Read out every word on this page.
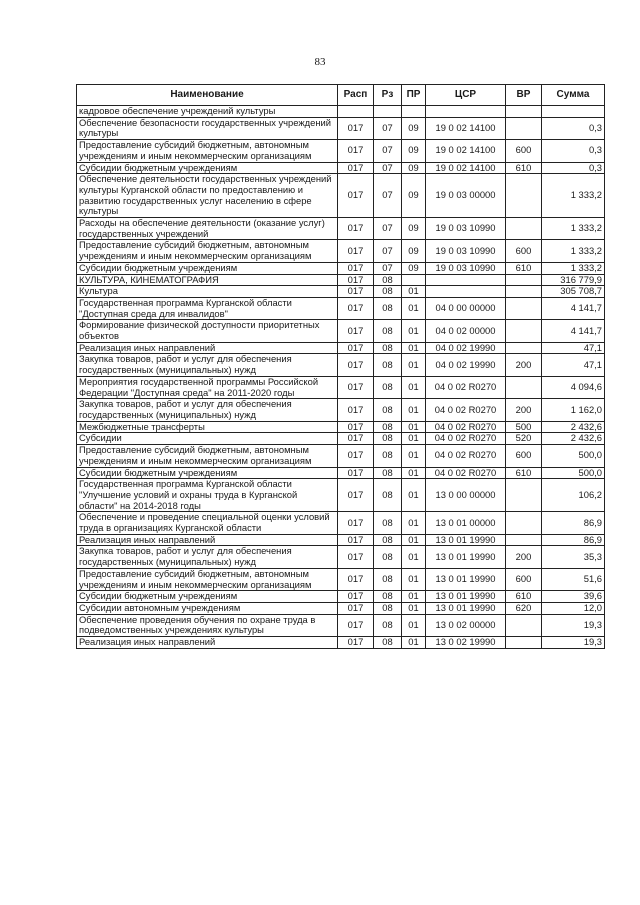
83
Наименование	Расп	Рз	ПР	ЦСР	ВР	Сумма
кадровое обеспечение учреждений культуры						
Обеспечение безопасности государственных учреждений культуры	017	07	09	19 0 02 14100		0,3
Предоставление субсидий бюджетным, автономным учреждениям и иным некоммерческим организациям	017	07	09	19 0 02 14100	600	0,3
Субсидии бюджетным учреждениям	017	07	09	19 0 02 14100	610	0,3
Обеспечение деятельности государственных учреждений культуры Курганской области по предоставлению и развитию государственных услуг населению в сфере культуры	017	07	09	19 0 03 00000		1 333,2
Расходы на обеспечение деятельности (оказание услуг) государственных учреждений	017	07	09	19 0 03 10990		1 333,2
Предоставление субсидий бюджетным, автономным учреждениям и иным некоммерческим организациям	017	07	09	19 0 03 10990	600	1 333,2
Субсидии бюджетным учреждениям	017	07	09	19 0 03 10990	610	1 333,2
КУЛЬТУРА, КИНЕМАТОГРАФИЯ	017	08				316 779,9
Культура	017	08	01			305 708,7
Государственная программа Курганской области "Доступная среда для инвалидов"	017	08	01	04 0 00 00000		4 141,7
Формирование физической доступности приоритетных объектов	017	08	01	04 0 02 00000		4 141,7
Реализация иных направлений	017	08	01	04 0 02 19990		47,1
Закупка товаров, работ и услуг для обеспечения государственных (муниципальных) нужд	017	08	01	04 0 02 19990	200	47,1
Мероприятия государственной программы Российской Федерации "Доступная среда" на 2011-2020 годы	017	08	01	04 0 02 R0270		4 094,6
Закупка товаров, работ и услуг для обеспечения государственных (муниципальных) нужд	017	08	01	04 0 02 R0270	200	1 162,0
Межбюджетные трансферты	017	08	01	04 0 02 R0270	500	2 432,6
Субсидии	017	08	01	04 0 02 R0270	520	2 432,6
Предоставление субсидий бюджетным, автономным учреждениям и иным некоммерческим организациям	017	08	01	04 0 02 R0270	600	500,0
Субсидии бюджетным учреждениям	017	08	01	04 0 02 R0270	610	500,0
Государственная программа Курганской области "Улучшение условий и охраны труда в Курганской области" на 2014-2018 годы	017	08	01	13 0 00 00000		106,2
Обеспечение и проведение специальной оценки условий труда в организациях Курганской области	017	08	01	13 0 01 00000		86,9
Реализация иных направлений	017	08	01	13 0 01 19990		86,9
Закупка товаров, работ и услуг для обеспечения государственных (муниципальных) нужд	017	08	01	13 0 01 19990	200	35,3
Предоставление субсидий бюджетным, автономным учреждениям и иным некоммерческим организациям	017	08	01	13 0 01 19990	600	51,6
Субсидии бюджетным учреждениям	017	08	01	13 0 01 19990	610	39,6
Субсидии автономным учреждениям	017	08	01	13 0 01 19990	620	12,0
Обеспечение проведения обучения по охране труда в подведомственных учреждениях культуры	017	08	01	13 0 02 00000		19,3
Реализация иных направлений	017	08	01	13 0 02 19990		19,3
